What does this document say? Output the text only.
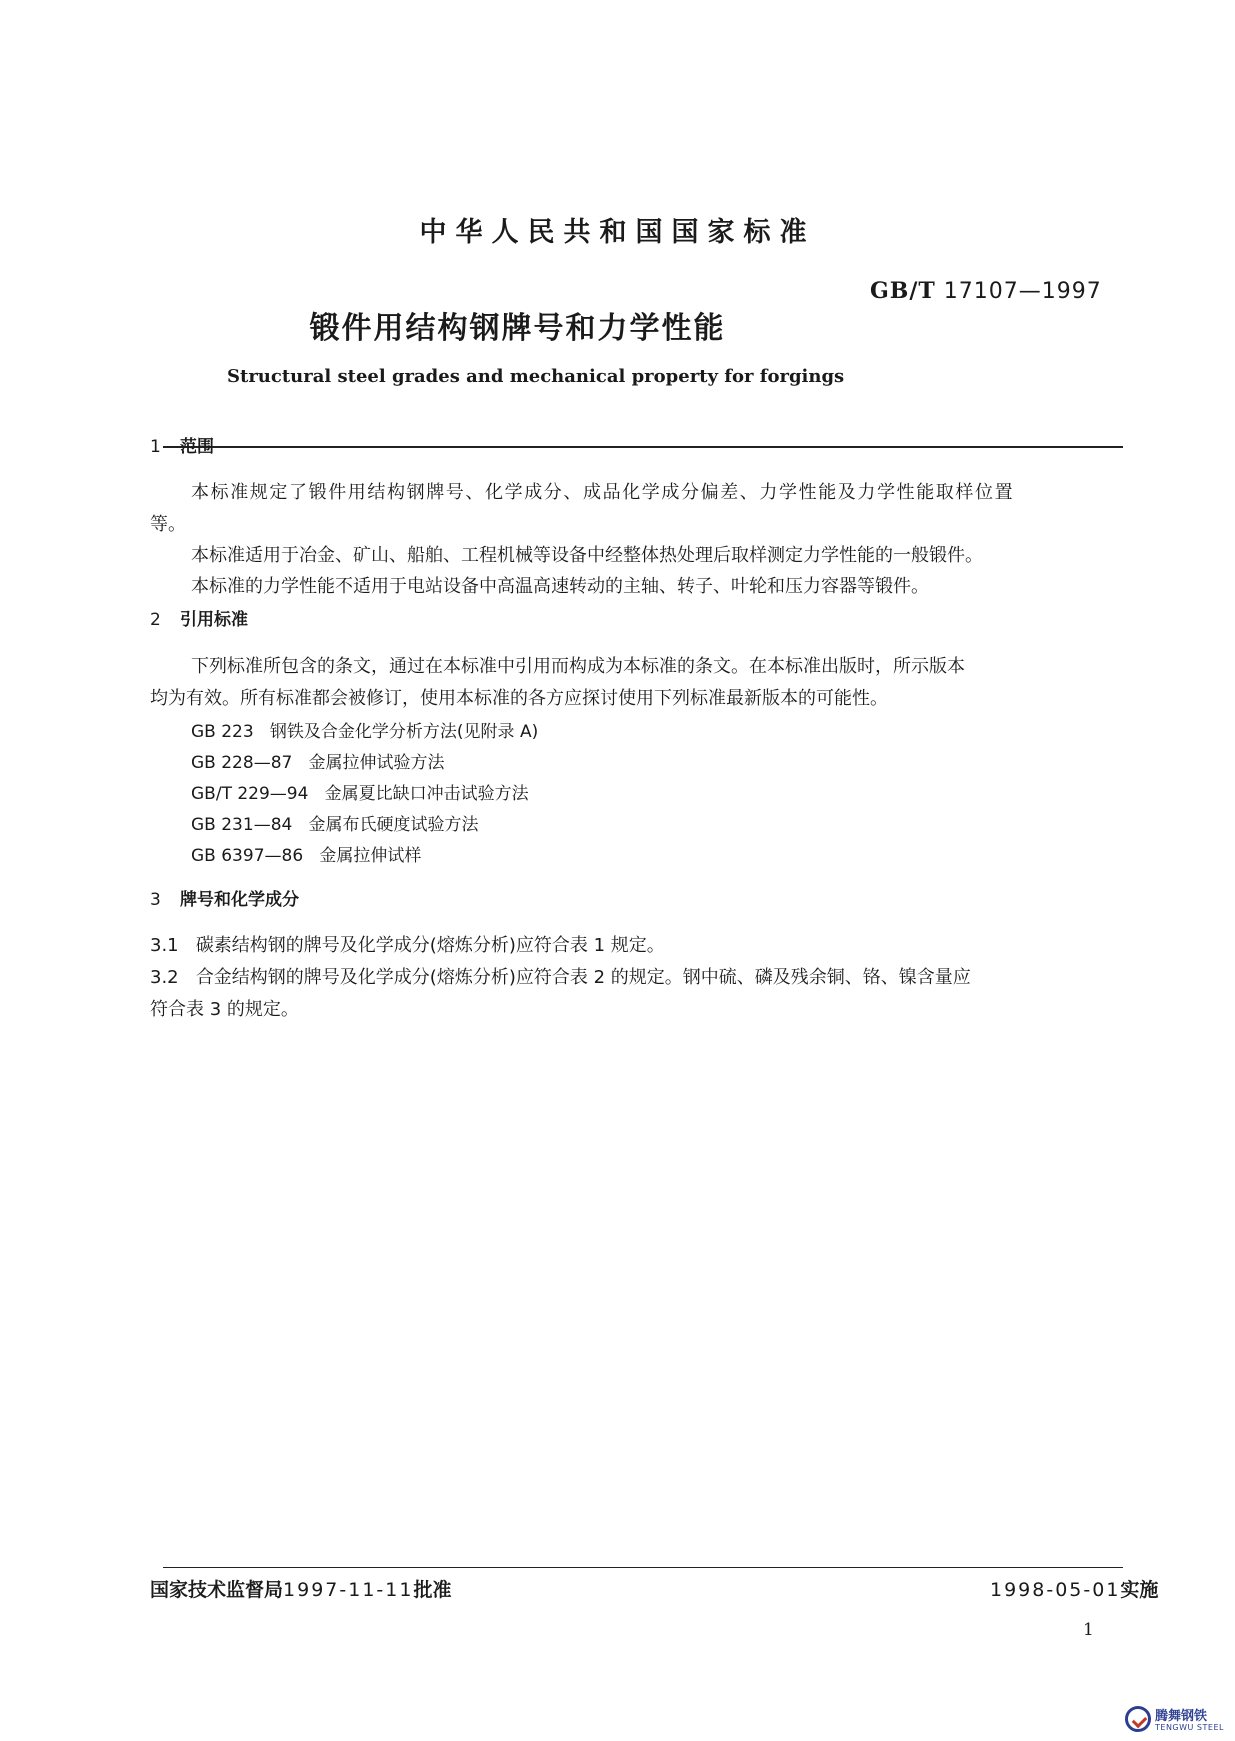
中华人民共和国国家标准
GB/T 17107—1997
锻件用结构钢牌号和力学性能
Structural steel grades and mechanical property for forgings
1 范围
本标准规定了锻件用结构钢牌号、化学成分、成品化学成分偏差、力学性能及力学性能取样位置
等。
本标准适用于冶金、矿山、船舶、工程机械等设备中经整体热处理后取样测定力学性能的一般锻件。
本标准的力学性能不适用于电站设备中高温高速转动的主轴、转子、叶轮和压力容器等锻件。
2 引用标准
下列标准所包含的条文，通过在本标准中引用而构成为本标准的条文。在本标准出版时，所示版本
均为有效。所有标准都会被修订，使用本标准的各方应探讨使用下列标准最新版本的可能性。
GB 223 钢铁及合金化学分析方法(见附录 A)
GB 228—87 金属拉伸试验方法
GB/T 229—94 金属夏比缺口冲击试验方法
GB 231—84 金属布氏硬度试验方法
GB 6397—86 金属拉伸试样
3 牌号和化学成分
3.1 碳素结构钢的牌号及化学成分(熔炼分析)应符合表 1 规定。
3.2 合金结构钢的牌号及化学成分(熔炼分析)应符合表 2 的规定。钢中硫、磷及残余铜、铬、镍含量应
符合表 3 的规定。
国家技术监督局1997-11-11批准	1998-05-01实施
1
腾舞钢铁
TENGWU STEEL
